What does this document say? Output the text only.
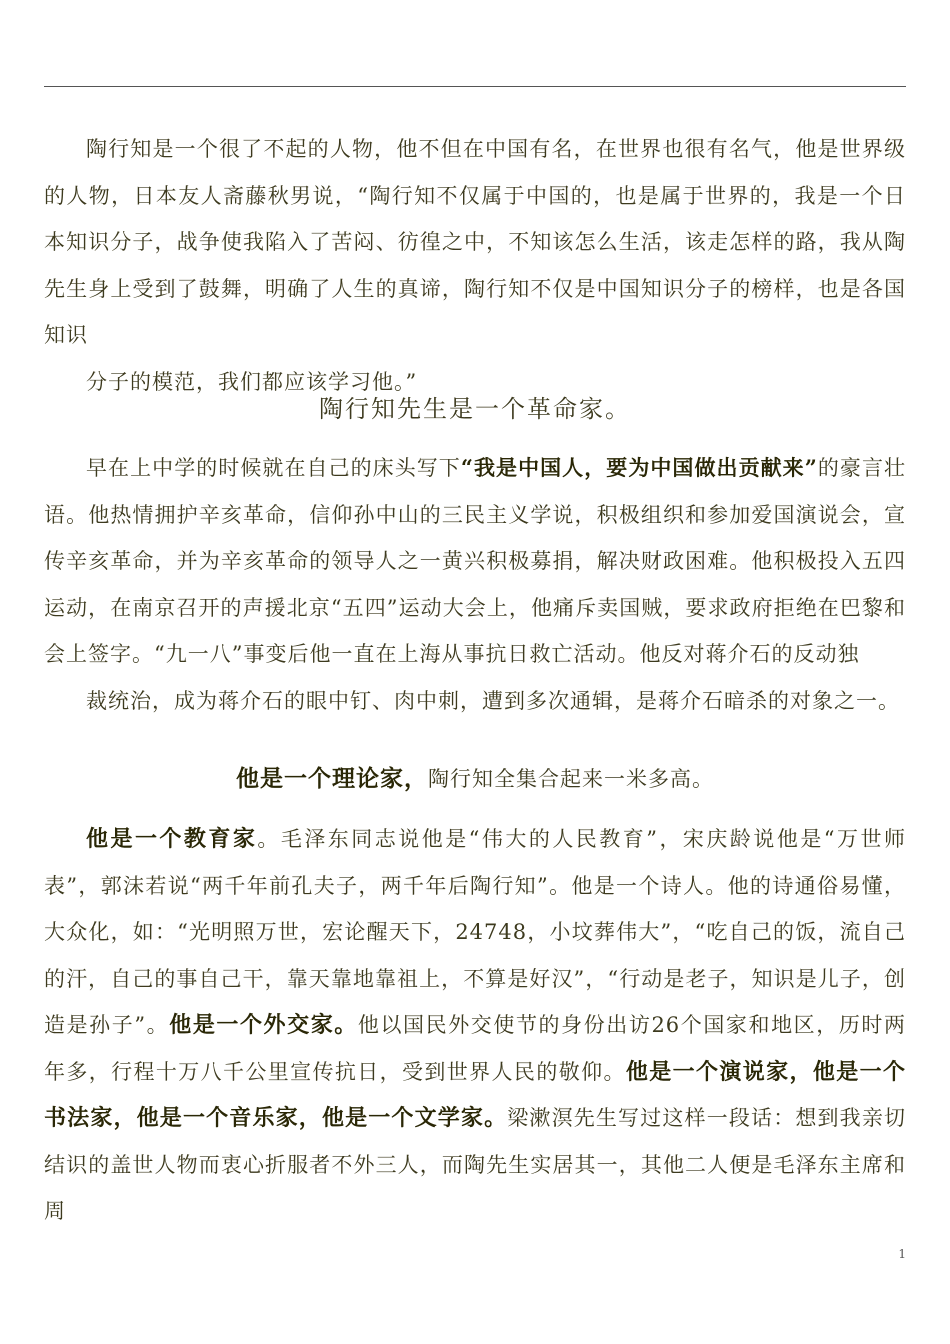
陶行知是一个很了不起的人物，他不但在中国有名，在世界也很有名气，他是世界级的人物，日本友人斋藤秋男说，“陶行知不仅属于中国的，也是属于世界的，我是一个日本知识分子，战争使我陷入了苦闷、彷徨之中，不知该怎么生活，该走怎样的路，我从陶先生身上受到了鼓舞，明确了人生的真谛，陶行知不仅是中国知识分子的榜样，也是各国知识
分子的模范，我们都应该学习他。”

陶行知先生是一个革命家。

早在上中学的时候就在自己的床头写下“我是中国人，要为中国做出贡献来”的豪言壮语。他热情拥护辛亥革命，信仰孙中山的三民主义学说，积极组织和参加爱国演说会，宣传辛亥革命，并为辛亥革命的领导人之一黄兴积极募捐，解决财政困难。他积极投入五四运动，在南京召开的声援北京“五四”运动大会上，他痛斥卖国贼，要求政府拒绝在巴黎和会上签字。“九一八”事变后他一直在上海从事抗日救亡活动。他反对蒋介石的反动独
裁统治，成为蒋介石的眼中钉、肉中刺，遭到多次通辑，是蒋介石暗杀的对象之一。

他是一个理论家，陶行知全集合起来一米多高。

他是一个教育家。毛泽东同志说他是“伟大的人民教育”，宋庆龄说他是“万世师表”，郭沫若说“两千年前孔夫子，两千年后陶行知”。他是一个诗人。他的诗通俗易懂，大众化，如：“光明照万世，宏论醒天下，24748，小坟葬伟大”，“吃自己的饭，流自己的汗，自己的事自己干，靠天靠地靠祖上，不算是好汉”，“行动是老子，知识是儿子，创造是孙子”。他是一个外交家。他以国民外交使节的身份出访26个国家和地区，历时两年多，行程十万八千公里宣传抗日，受到世界人民的敬仰。他是一个演说家，他是一个书法家，他是一个音乐家，他是一个文学家。梁漱溟先生写过这样一段话：想到我亲切结识的盖世人物而衷心折服者不外三人，而陶先生实居其一，其他二人便是毛泽东主席和周

1
